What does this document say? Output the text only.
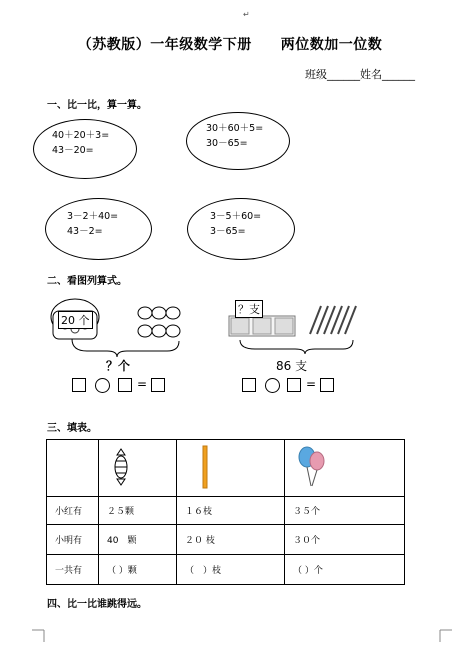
↵
（苏教版）一年级数学下册　　两位数加一位数
班级______姓名______
一、比一比，算一算。
40＋20＋3=
43－20=
30＋60＋5=
30－65=
3－2＋40=
43－2=
3－5＋60=
3－65=
二、看图列算式。
20 个
？个
？支
86 支
=	=
三、填表。

小红有	２５颗	１６枝	３５个
小明有	40　颗	２０ 枝	３０个
一共有	（ ）颗	（　）枝	（ ）个
四、比一比谁跳得远。
